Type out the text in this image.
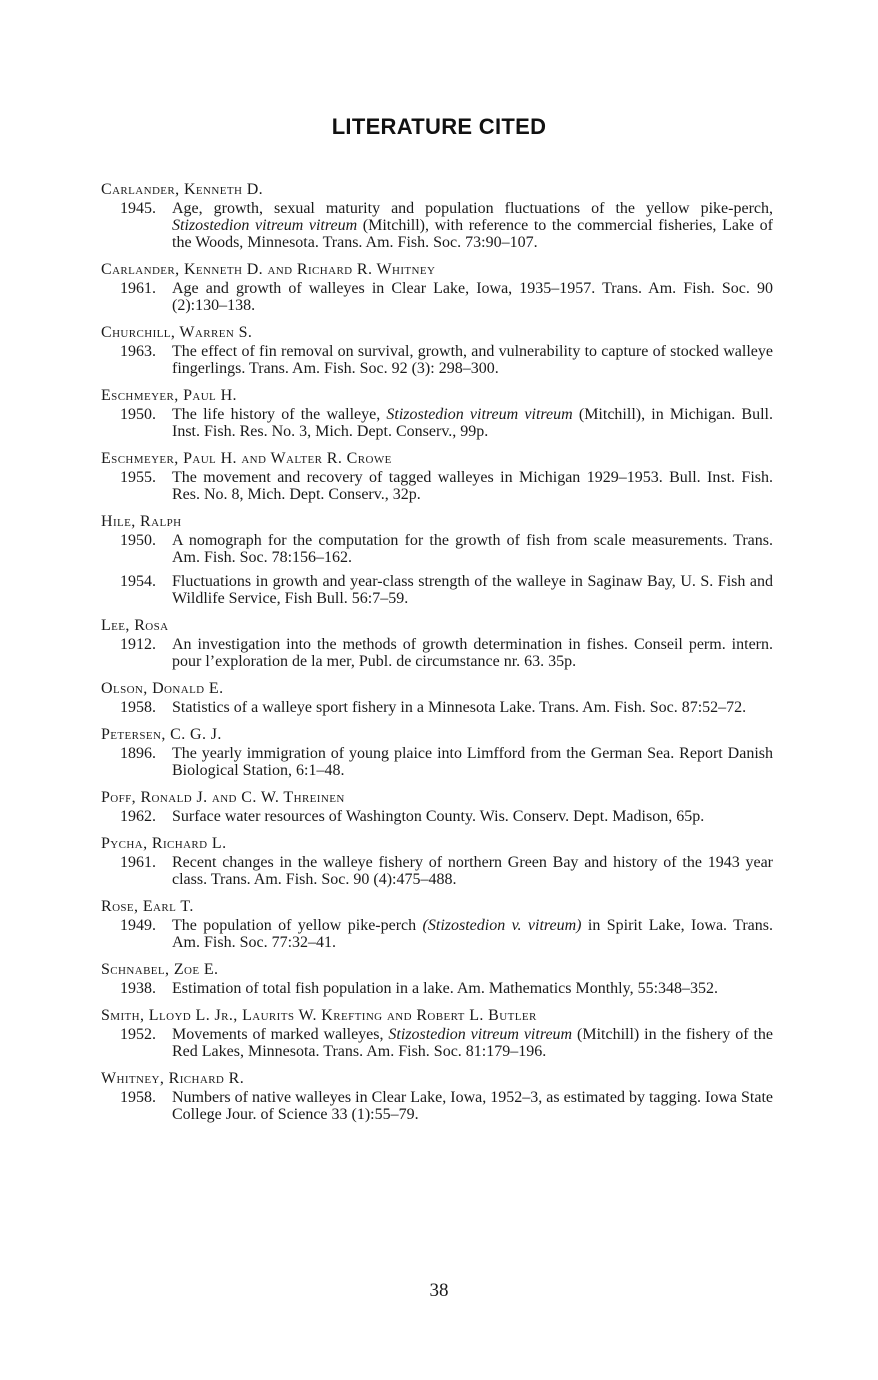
LITERATURE CITED
Carlander, Kenneth D.
1945. Age, growth, sexual maturity and population fluctuations of the yellow pike-perch, Stizostedion vitreum vitreum (Mitchill), with reference to the commercial fisheries, Lake of the Woods, Minnesota. Trans. Am. Fish. Soc. 73:90–107.
Carlander, Kenneth D. and Richard R. Whitney
1961. Age and growth of walleyes in Clear Lake, Iowa, 1935–1957. Trans. Am. Fish. Soc. 90 (2):130–138.
Churchill, Warren S.
1963. The effect of fin removal on survival, growth, and vulnerability to capture of stocked walleye fingerlings. Trans. Am. Fish. Soc. 92 (3): 298–300.
Eschmeyer, Paul H.
1950. The life history of the walleye, Stizostedion vitreum vitreum (Mitchill), in Michigan. Bull. Inst. Fish. Res. No. 3, Mich. Dept. Conserv., 99p.
Eschmeyer, Paul H. and Walter R. Crowe
1955. The movement and recovery of tagged walleyes in Michigan 1929–1953. Bull. Inst. Fish. Res. No. 8, Mich. Dept. Conserv., 32p.
Hile, Ralph
1950. A nomograph for the computation for the growth of fish from scale measurements. Trans. Am. Fish. Soc. 78:156–162.
1954. Fluctuations in growth and year-class strength of the walleye in Saginaw Bay, U. S. Fish and Wildlife Service, Fish Bull. 56:7–59.
Lee, Rosa
1912. An investigation into the methods of growth determination in fishes. Conseil perm. intern. pour l’exploration de la mer, Publ. de circumstance nr. 63. 35p.
Olson, Donald E.
1958. Statistics of a walleye sport fishery in a Minnesota Lake. Trans. Am. Fish. Soc. 87:52–72.
Petersen, C. G. J.
1896. The yearly immigration of young plaice into Limfford from the German Sea. Report Danish Biological Station, 6:1–48.
Poff, Ronald J. and C. W. Threinen
1962. Surface water resources of Washington County. Wis. Conserv. Dept. Madison, 65p.
Pycha, Richard L.
1961. Recent changes in the walleye fishery of northern Green Bay and history of the 1943 year class. Trans. Am. Fish. Soc. 90 (4):475–488.
Rose, Earl T.
1949. The population of yellow pike-perch (Stizostedion v. vitreum) in Spirit Lake, Iowa. Trans. Am. Fish. Soc. 77:32–41.
Schnabel, Zoe E.
1938. Estimation of total fish population in a lake. Am. Mathematics Monthly, 55:348–352.
Smith, Lloyd L. Jr., Laurits W. Krefting and Robert L. Butler
1952. Movements of marked walleyes, Stizostedion vitreum vitreum (Mitchill) in the fishery of the Red Lakes, Minnesota. Trans. Am. Fish. Soc. 81:179–196.
Whitney, Richard R.
1958. Numbers of native walleyes in Clear Lake, Iowa, 1952–3, as estimated by tagging. Iowa State College Jour. of Science 33 (1):55–79.
38
